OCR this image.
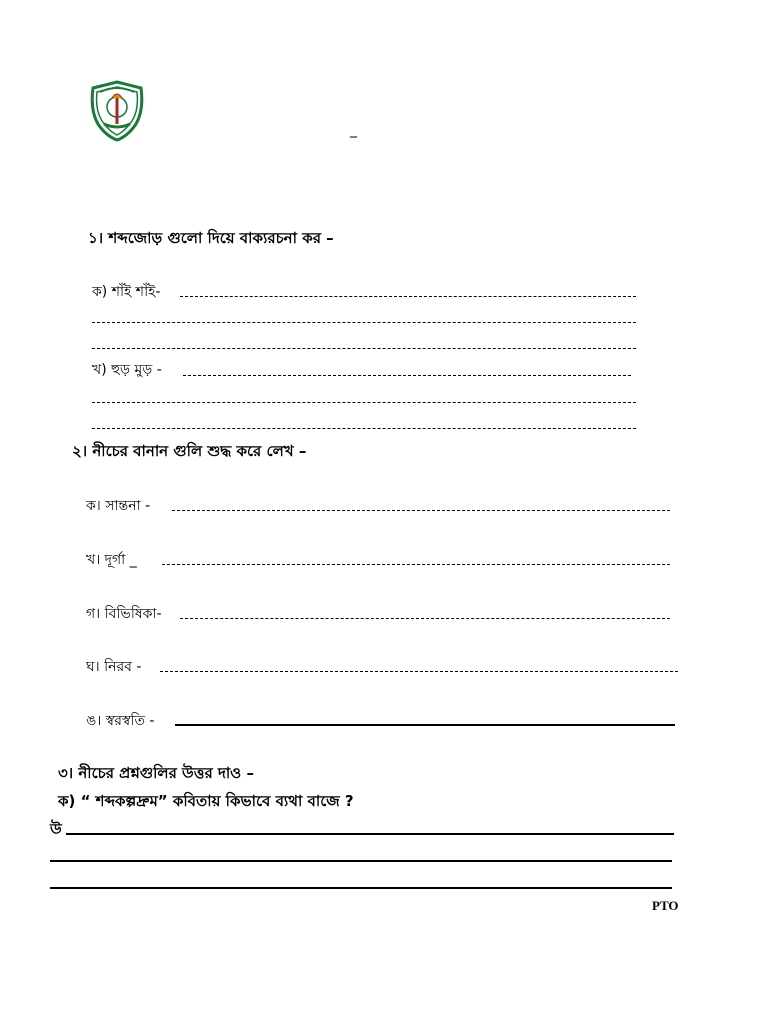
_
১। শব্দজোড় গুলো দিয়ে বাক্যরচনা কর –
ক) শাঁই শাঁই-
খ) হুড় মুড় -
২। নীচের বানান গুলি শুদ্ধ করে লেখ –
ক। সান্তনা -
খ। দূর্গা _
গ। বিভিষিকা-
ঘ। নিরব -
ঙ। স্বরস্বতি -
৩। নীচের প্রশ্নগুলির উত্তর দাও –
ক) “ শব্দকল্পদ্রুম” কবিতায় কিভাবে ব্যথা বাজে ?
উ
PTO
